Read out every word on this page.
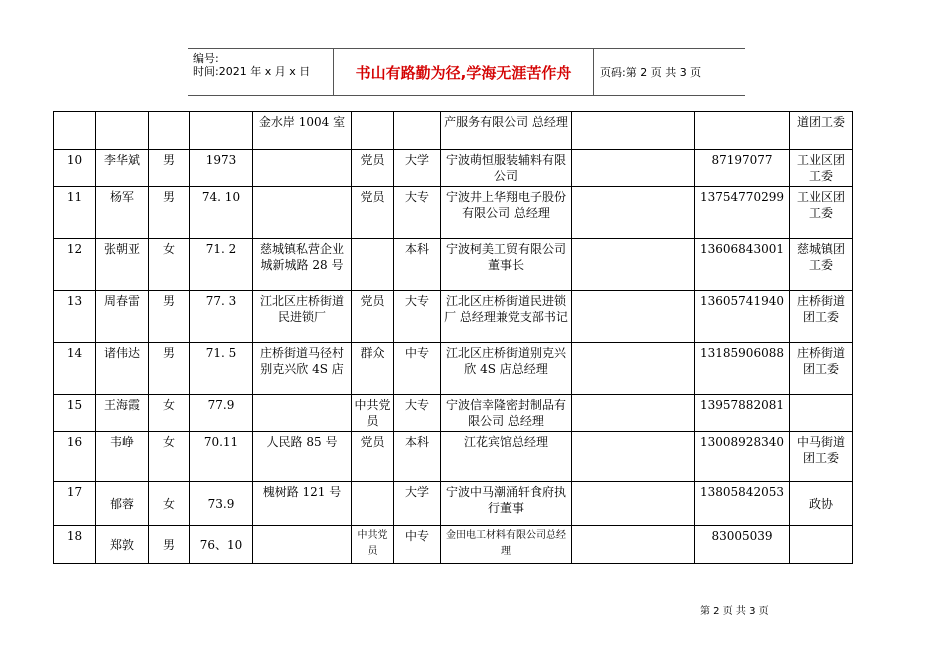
编号:
时间:2021 年 x 月 x 日	书山有路勤为径,学海无涯苦作舟	页码:第 2 页 共 3 页
				金水岸 1004 室			产服务有限公司 总经理			道团工委
10	李华斌	男	1973		党员	大学	宁波萌恒服装辅料有限公司		87197077	工业区团工委
11	杨军	男	74. 10		党员	大专	宁波井上华翔电子股份有限公司 总经理		13754770299	工业区团工委
12	张朝亚	女	71. 2	慈城镇私营企业城新城路 28 号		本科	宁波柯美工贸有限公司董事长		13606843001	慈城镇团工委
13	周春雷	男	77. 3	江北区庄桥街道民进锁厂	党员	大专	江北区庄桥街道民进锁厂 总经理兼党支部书记		13605741940	庄桥街道团工委
14	诸伟达	男	71. 5	庄桥街道马径村别克兴欣 4S 店	群众	中专	江北区庄桥街道别克兴欣 4S 店总经理		13185906088	庄桥街道团工委
15	王海霞	女	77.9		中共党员	大专	宁波信幸隆密封制品有限公司 总经理		13957882081	
16	韦峥	女	70.11	人民路 85 号	党员	本科	江花宾馆总经理		13008928340	中马街道团工委
17	郁蓉	女	73.9	槐树路 121 号		大学	宁波中马潮涌轩食府执行董事		13805842053	政协
18	郑敦	男	76、10		中共党员	中专	金田电工材料有限公司总经理		83005039	
第 2 页 共 3 页
